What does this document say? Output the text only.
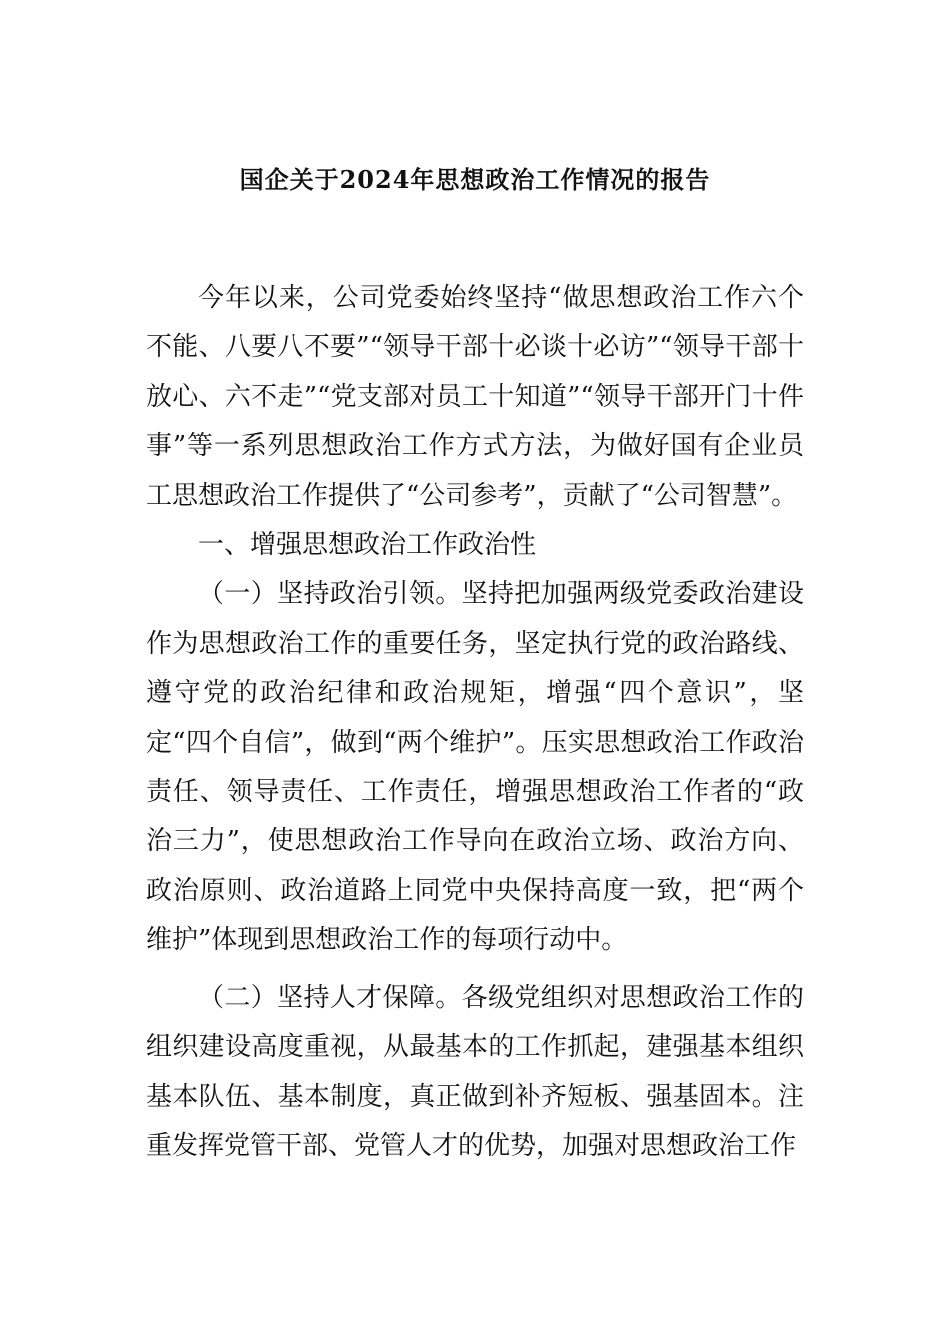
国企关于2024年思想政治工作情况的报告

今年以来，公司党委始终坚持“做思想政治工作六个不能、八要八不要”“领导干部十必谈十必访”“领导干部十放心、六不走”“党支部对员工十知道”“领导干部开门十件事”等一系列思想政治工作方式方法，为做好国有企业员工思想政治工作提供了“公司参考”，贡献了“公司智慧”。

一、增强思想政治工作政治性

（一）坚持政治引领。坚持把加强两级党委政治建设作为思想政治工作的重要任务，坚定执行党的政治路线、遵守党的政治纪律和政治规矩，增强“四个意识”，坚定“四个自信”，做到“两个维护”。压实思想政治工作政治责任、领导责任、工作责任，增强思想政治工作者的“政治三力”，使思想政治工作导向在政治立场、政治方向、政治原则、政治道路上同党中央保持高度一致，把“两个维护”体现到思想政治工作的每项行动中。

（二）坚持人才保障。各级党组织对思想政治工作的组织建设高度重视，从最基本的工作抓起，建强基本组织基本队伍、基本制度，真正做到补齐短板、强基固本。注重发挥党管干部、党管人才的优势，加强对思想政治工作
